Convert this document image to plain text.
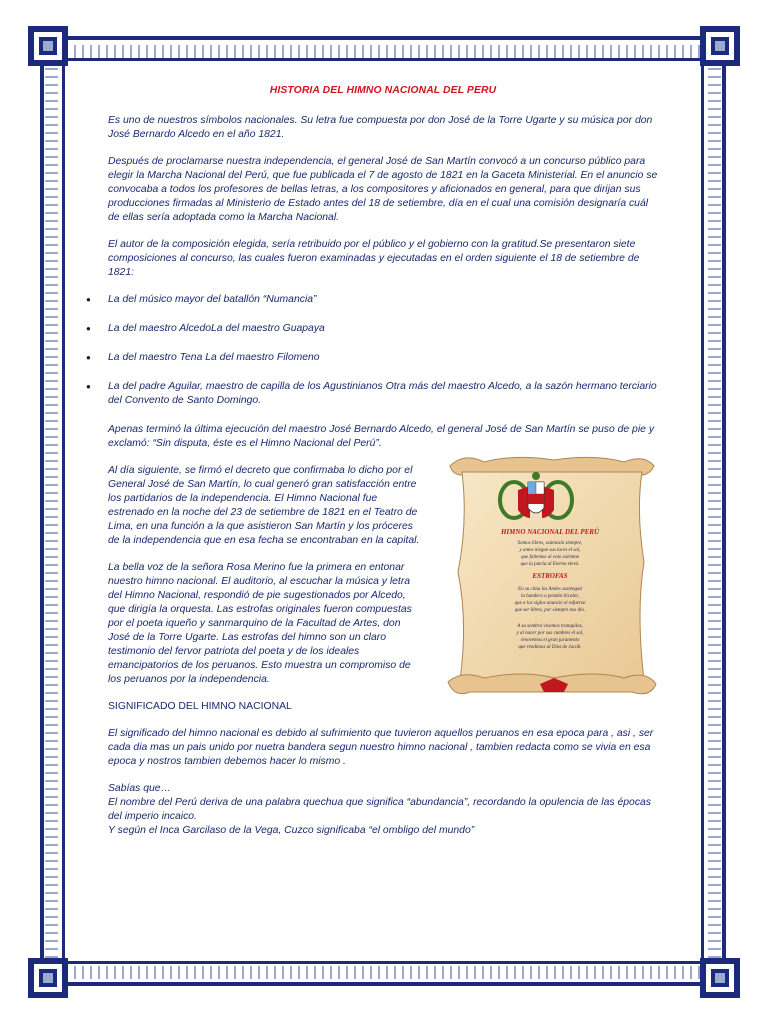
HISTORIA DEL HIMNO NACIONAL DEL PERU

Es uno de nuestros símbolos nacionales. Su letra fue compuesta por don José de la Torre Ugarte y su música por don José Bernardo Alcedo en el año 1821.

Después de proclamarse nuestra independencia, el general José de San Martín convocó a un concurso público para elegir la Marcha Nacional del Perú, que fue publicada el 7 de agosto de 1821 en la Gaceta Ministerial. En el anuncio se convocaba a todos los profesores de bellas letras, a los compositores y aficionados en general, para que dirijan sus producciones firmadas al Ministerio de Estado antes del 18 de setiembre, día en el cual una comisión designaría cuál de ellas sería adoptada como la Marcha Nacional.

El autor de la composición elegida, sería retribuido por el público y el gobierno con la gratitud.Se presentaron siete composiciones al concurso, las cuales fueron examinadas y ejecutadas en el orden siguiente el 18 de setiembre de 1821:

● La del músico mayor del batallón “Numancia”
● La del maestro AlcedoLa del maestro Guapaya
● La del maestro Tena La del maestro Filomeno
● La del padre Aguilar, maestro de capilla de los Agustinianos Otra más del maestro Alcedo, a la sazón hermano terciario del Convento de Santo Domingo.

Apenas terminó la última ejecución del maestro José Bernardo Alcedo, el general José de San Martín se puso de pie y exclamó: “Sin disputa, éste es el Himno Nacional del Perú”.

Al día siguiente, se firmó el decreto que confirmaba lo dicho por el General José de San Martín, lo cual generó gran satisfacción entre los partidarios de la independencia. El Himno Nacional fue estrenado en la noche del 23 de setiembre de 1821 en el Teatro de Lima, en una función a la que asistieron San Martín y los próceres de la independencia que en esa fecha se encontraban en la capital.

La bella voz de la señora Rosa Merino fue la primera en entonar nuestro himno nacional. El auditorio, al escuchar la música y letra del Himno Nacional, respondió de pie sugestionados por Alcedo, que dirigía la orquesta. Las estrofas originales fueron compuestas por el poeta iqueño y sanmarquino de la Facultad de Artes, don José de la Torre Ugarte. Las estrofas del himno son un claro testimonio del fervor patriota del poeta y de los ideales emancipatorios de los peruanos. Esto muestra un compromiso de los peruanos por la independencia.

SIGNIFICADO DEL HIMNO NACIONAL

El significado del himno nacional es debido al sufrimiento que tuvieron aquellos peruanos en esa epoca para , asi , ser cada dia mas un pais unido por nuetra bandera segun nuestro himno nacional , tambien redacta como se vivia en esa epoca y nostros tambien debemos hacer lo mismo .

Sabías que…
El nombre del Perú deriva de una palabra quechua que significa “abundancia”, recordando la opulencia de las épocas del imperio incaico.
Y según el Inca Garcilaso de la Vega, Cuzco significaba “el ombligo del mundo”

HIMNO NACIONAL DEL PERÚ
Somos libres, seámoslo siempre,
y antes niegue sus luces el sol,
que faltemos al voto solemne
que la patria al Eterno elevó.
ESTROFAS
En su cima los Andes sostengan
la bandera o pendón bicolor,
que a los siglos anuncie el esfuerzo
que ser libres, por siempre nos dio.
A su sombra vivamos tranquilos,
y al nacer por sus cumbres el sol,
renovemos el gran juramento
que rendimos al Dios de Jacob.
